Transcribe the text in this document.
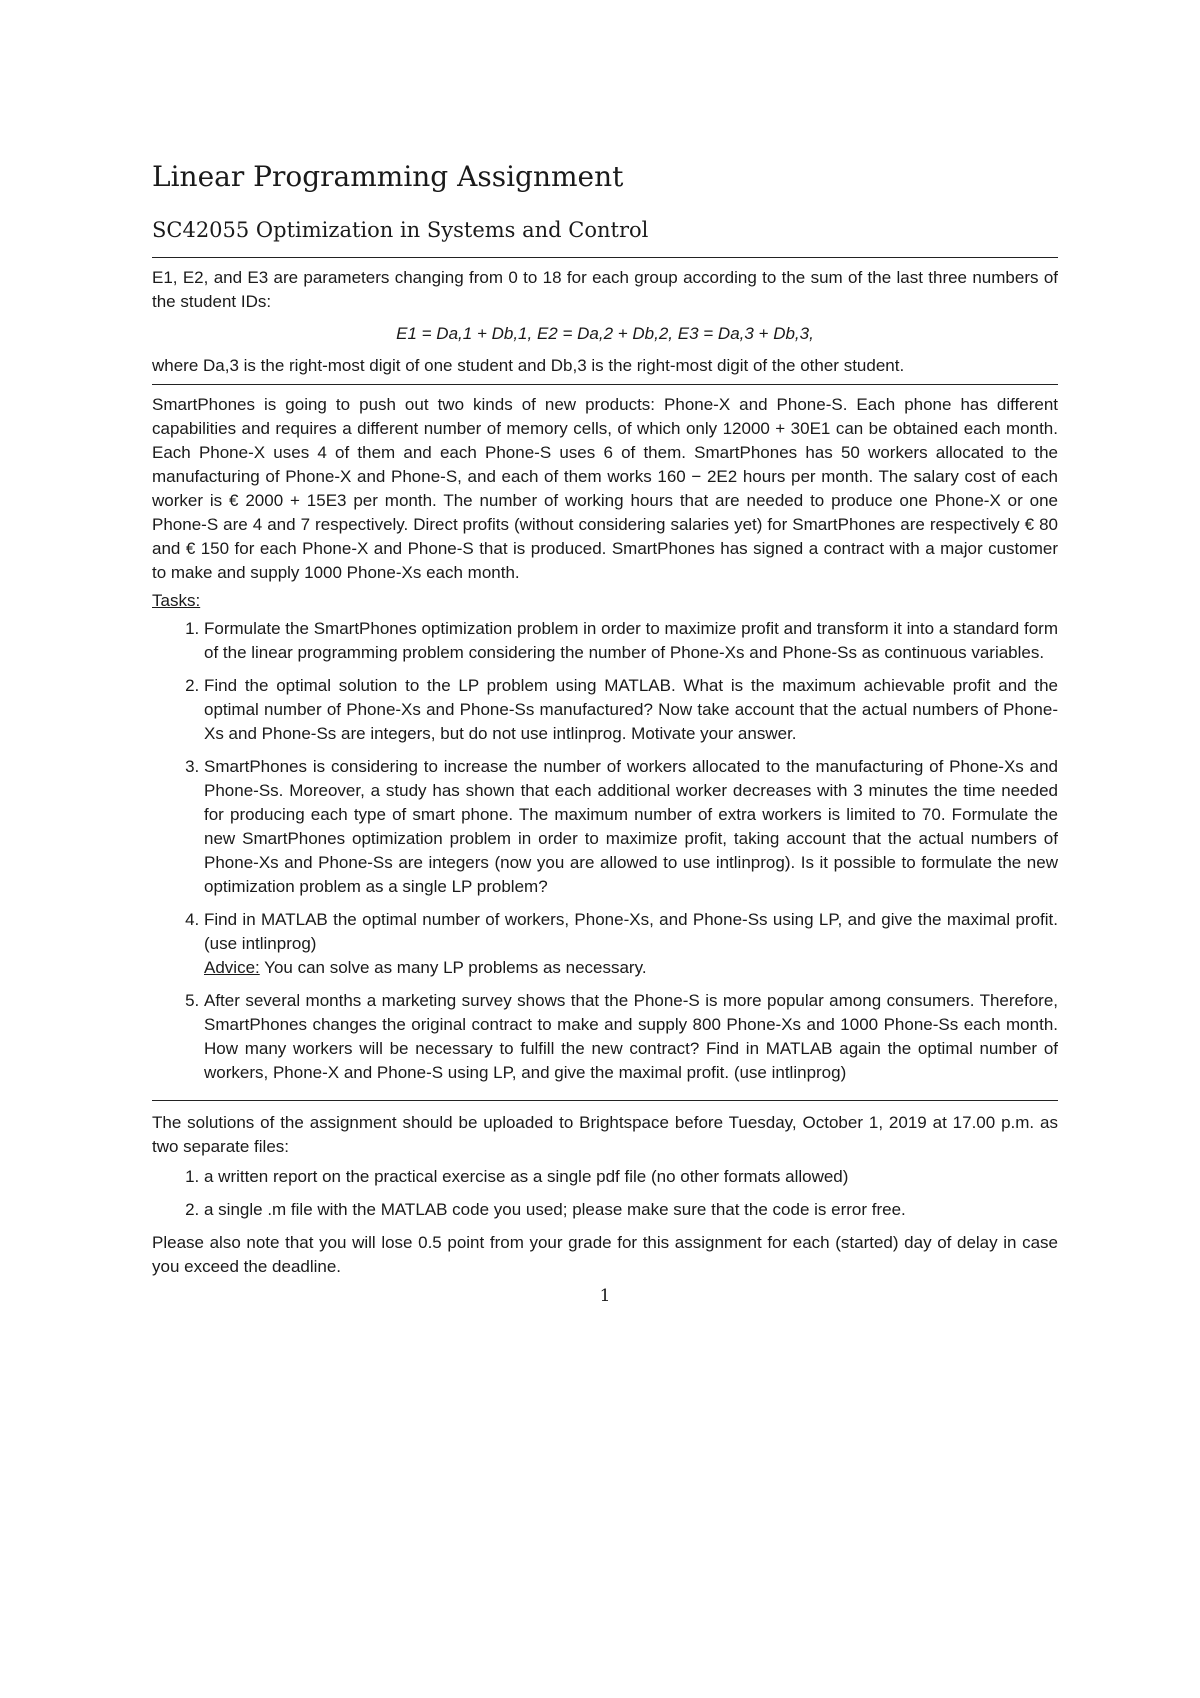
Linear Programming Assignment
SC42055 Optimization in Systems and Control

E1, E2, and E3 are parameters changing from 0 to 18 for each group according to the sum of the last three numbers of the student IDs:

E1 = Da,1 + Db,1, E2 = Da,2 + Db,2, E3 = Da,3 + Db,3,

where Da,3 is the right-most digit of one student and Db,3 is the right-most digit of the other student.

SmartPhones is going to push out two kinds of new products: Phone-X and Phone-S. Each phone has different capabilities and requires a different number of memory cells, of which only 12000 + 30E1 can be obtained each month. Each Phone-X uses 4 of them and each Phone-S uses 6 of them. SmartPhones has 50 workers allocated to the manufacturing of Phone-X and Phone-S, and each of them works 160 − 2E2 hours per month. The salary cost of each worker is € 2000 + 15E3 per month. The number of working hours that are needed to produce one Phone-X or one Phone-S are 4 and 7 respectively. Direct profits (without considering salaries yet) for SmartPhones are respectively € 80 and € 150 for each Phone-X and Phone-S that is produced. SmartPhones has signed a contract with a major customer to make and supply 1000 Phone-Xs each month.

Tasks:
1. Formulate the SmartPhones optimization problem in order to maximize profit and transform it into a standard form of the linear programming problem considering the number of Phone-Xs and Phone-Ss as continuous variables.
2. Find the optimal solution to the LP problem using MATLAB. What is the maximum achievable profit and the optimal number of Phone-Xs and Phone-Ss manufactured? Now take account that the actual numbers of Phone-Xs and Phone-Ss are integers, but do not use intlinprog. Motivate your answer.
3. SmartPhones is considering to increase the number of workers allocated to the manufacturing of Phone-Xs and Phone-Ss. Moreover, a study has shown that each additional worker decreases with 3 minutes the time needed for producing each type of smart phone. The maximum number of extra workers is limited to 70. Formulate the new SmartPhones optimization problem in order to maximize profit, taking account that the actual numbers of Phone-Xs and Phone-Ss are integers (now you are allowed to use intlinprog). Is it possible to formulate the new optimization problem as a single LP problem?
4. Find in MATLAB the optimal number of workers, Phone-Xs, and Phone-Ss using LP, and give the maximal profit. (use intlinprog)
Advice: You can solve as many LP problems as necessary.
5. After several months a marketing survey shows that the Phone-S is more popular among consumers. Therefore, SmartPhones changes the original contract to make and supply 800 Phone-Xs and 1000 Phone-Ss each month. How many workers will be necessary to fulfill the new contract? Find in MATLAB again the optimal number of workers, Phone-X and Phone-S using LP, and give the maximal profit. (use intlinprog)

The solutions of the assignment should be uploaded to Brightspace before Tuesday, October 1, 2019 at 17.00 p.m. as two separate files:

1. a written report on the practical exercise as a single pdf file (no other formats allowed)
2. a single .m file with the MATLAB code you used; please make sure that the code is error free.

Please also note that you will lose 0.5 point from your grade for this assignment for each (started) day of delay in case you exceed the deadline.

1
